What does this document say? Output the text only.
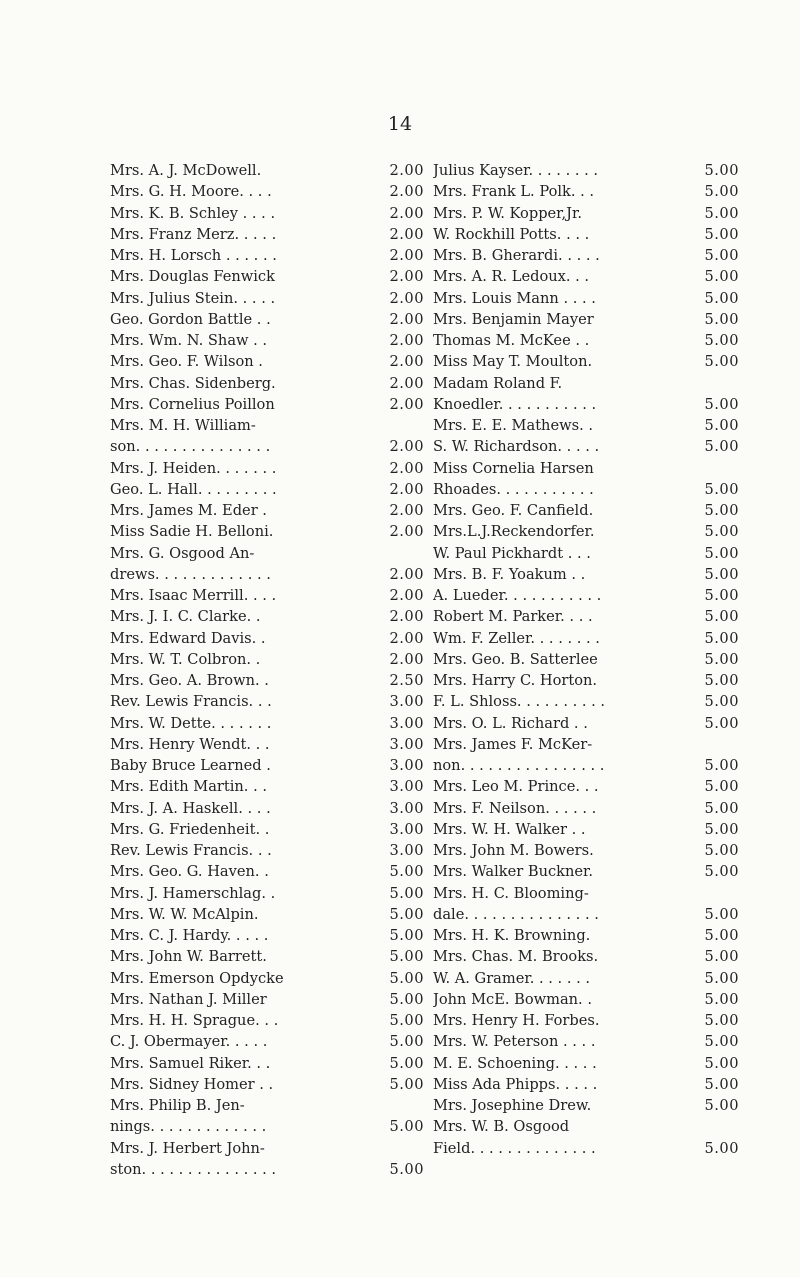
14
Mrs. A. J. McDowell.	2.00
Mrs. G. H. Moore. . . .	2.00
Mrs. K. B. Schley . . . .	2.00
Mrs. Franz Merz. . . . .	2.00
Mrs. H. Lorsch . . . . . .	2.00
Mrs. Douglas Fenwick	2.00
Mrs. Julius Stein. . . . .	2.00
Geo. Gordon Battle . .	2.00
Mrs. Wm. N. Shaw . .	2.00
Mrs. Geo. F. Wilson .	2.00
Mrs. Chas. Sidenberg.	2.00
Mrs. Cornelius Poillon	2.00
Mrs. M. H. William-
son. . . . . . . . . . . . . . .	2.00
Mrs. J. Heiden. . . . . . .	2.00
Geo. L. Hall. . . . . . . . .	2.00
Mrs. James M. Eder .	2.00
Miss Sadie H. Belloni.	2.00
Mrs. G. Osgood An-
drews. . . . . . . . . . . . .	2.00
Mrs. Isaac Merrill. . . .	2.00
Mrs. J. I. C. Clarke. .	2.00
Mrs. Edward Davis. .	2.00
Mrs. W. T. Colbron. .	2.00
Mrs. Geo. A. Brown. .	2.50
Rev. Lewis Francis. . .	3.00
Mrs. W. Dette. . . . . . .	3.00
Mrs. Henry Wendt. . .	3.00
Baby Bruce Learned .	3.00
Mrs. Edith Martin. . .	3.00
Mrs. J. A. Haskell. . . .	3.00
Mrs. G. Friedenheit. .	3.00
Rev. Lewis Francis. . .	3.00
Mrs. Geo. G. Haven. .	5.00
Mrs. J. Hamerschlag. .	5.00
Mrs. W. W. McAlpin.	5.00
Mrs. C. J. Hardy. . . . .	5.00
Mrs. John W. Barrett.	5.00
Mrs. Emerson Opdycke	5.00
Mrs. Nathan J. Miller	5.00
Mrs. H. H. Sprague. . .	5.00
C. J. Obermayer. . . . .	5.00
Mrs. Samuel Riker. . .	5.00
Mrs. Sidney Homer . .	5.00
Mrs. Philip B. Jen-
nings. . . . . . . . . . . . .	5.00
Mrs. J. Herbert John-
ston. . . . . . . . . . . . . . .	5.00
Julius Kayser. . . . . . . .	5.00
Mrs. Frank L. Polk. . .	5.00
Mrs. P. W. Kopper,Jr.	5.00
W. Rockhill Potts. . . .	5.00
Mrs. B. Gherardi. . . . .	5.00
Mrs. A. R. Ledoux. . .	5.00
Mrs. Louis Mann . . . .	5.00
Mrs. Benjamin Mayer	5.00
Thomas M. McKee . .	5.00
Miss May T. Moulton.	5.00
Madam Roland F.
Knoedler. . . . . . . . . . .	5.00
Mrs. E. E. Mathews. .	5.00
S. W. Richardson. . . . .	5.00
Miss Cornelia Harsen
Rhoades. . . . . . . . . . .	5.00
Mrs. Geo. F. Canfield.	5.00
Mrs.L.J.Reckendorfer.	5.00
W. Paul Pickhardt . . .	5.00
Mrs. B. F. Yoakum . .	5.00
A. Lueder. . . . . . . . . . .	5.00
Robert M. Parker. . . .	5.00
Wm. F. Zeller. . . . . . . .	5.00
Mrs. Geo. B. Satterlee	5.00
Mrs. Harry C. Horton.	5.00
F. L. Shloss. . . . . . . . . .	5.00
Mrs. O. L. Richard . .	5.00
Mrs. James F. McKer-
non. . . . . . . . . . . . . . . .	5.00
Mrs. Leo M. Prince. . .	5.00
Mrs. F. Neilson. . . . . .	5.00
Mrs. W. H. Walker . .	5.00
Mrs. John M. Bowers.	5.00
Mrs. Walker Buckner.	5.00
Mrs. H. C. Blooming-
dale. . . . . . . . . . . . . . .	5.00
Mrs. H. K. Browning.	5.00
Mrs. Chas. M. Brooks.	5.00
W. A. Gramer. . . . . . .	5.00
John McE. Bowman. .	5.00
Mrs. Henry H. Forbes.	5.00
Mrs. W. Peterson . . . .	5.00
M. E. Schoening. . . . .	5.00
Miss Ada Phipps. . . . .	5.00
Mrs. Josephine Drew.	5.00
Mrs. W. B. Osgood
Field. . . . . . . . . . . . . .	5.00
